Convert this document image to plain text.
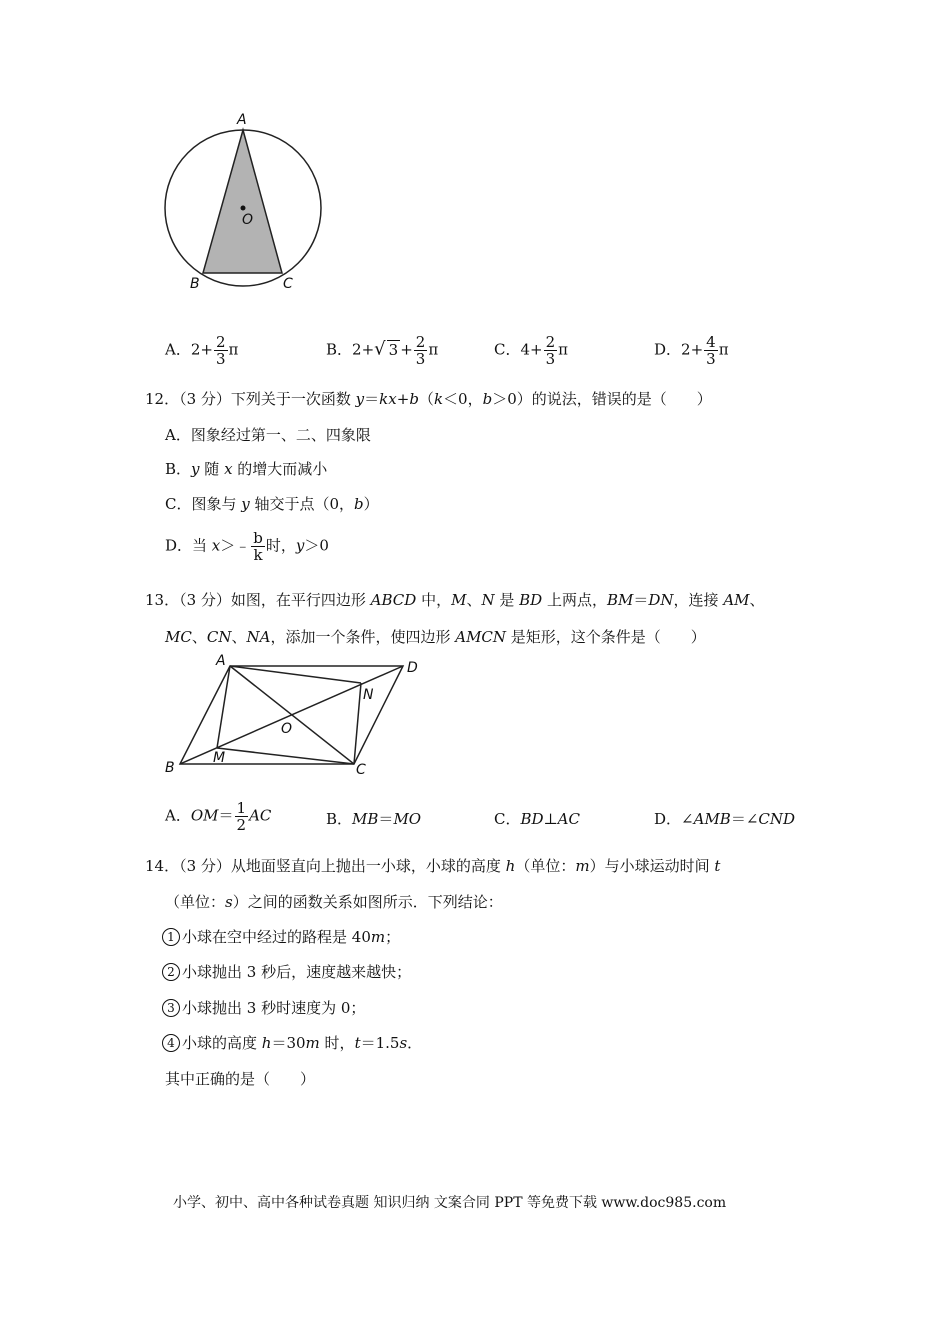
A
O
B	C
A．$2+ \frac{2}{3}$ π	B．2+√ $3 + \frac{2}{3}$ π	C．$4+ \frac{2}{3}$ π	D．$2+ \frac{4}{3}$ π
12．（3 分）下列关于一次函数 y＝kx+b（k＜0，b＞0）的说法，错误的是（　　）
A．图象经过第一、二、四象限
B．y 随 x 的增大而减小
C．图象与 y 轴交于点（0，b）
D．当 x＞﹣ $\frac{b}{k}$ 时，y＞0
13．（3 分）如图，在平行四边形 ABCD 中，M、N 是 BD 上两点，BM＝DN，连接 AM、
MC、CN、NA，添加一个条件，使四边形 AMCN 是矩形，这个条件是（　　）
A	D
N
O
M
B	C
A．$OM= \frac{1}{2}$ AC	B．MB＝MO	C．BD⊥AC	D．∠AMB＝∠CND
14．（3 分）从地面竖直向上抛出一小球，小球的高度 h（单位：m）与小球运动时间 t
（单位：s）之间的函数关系如图所示．下列结论：
1 小球在空中经过的路程是 40m；
2 小球抛出 3 秒后，速度越来越快；
3 小球抛出 3 秒时速度为 0；
4 小球的高度 h＝30m 时，t＝1.5s．
其中正确的是（　　）
小学、初中、高中各种试卷真题 知识归纳 文案合同 PPT 等免费下载 www.doc985.com
